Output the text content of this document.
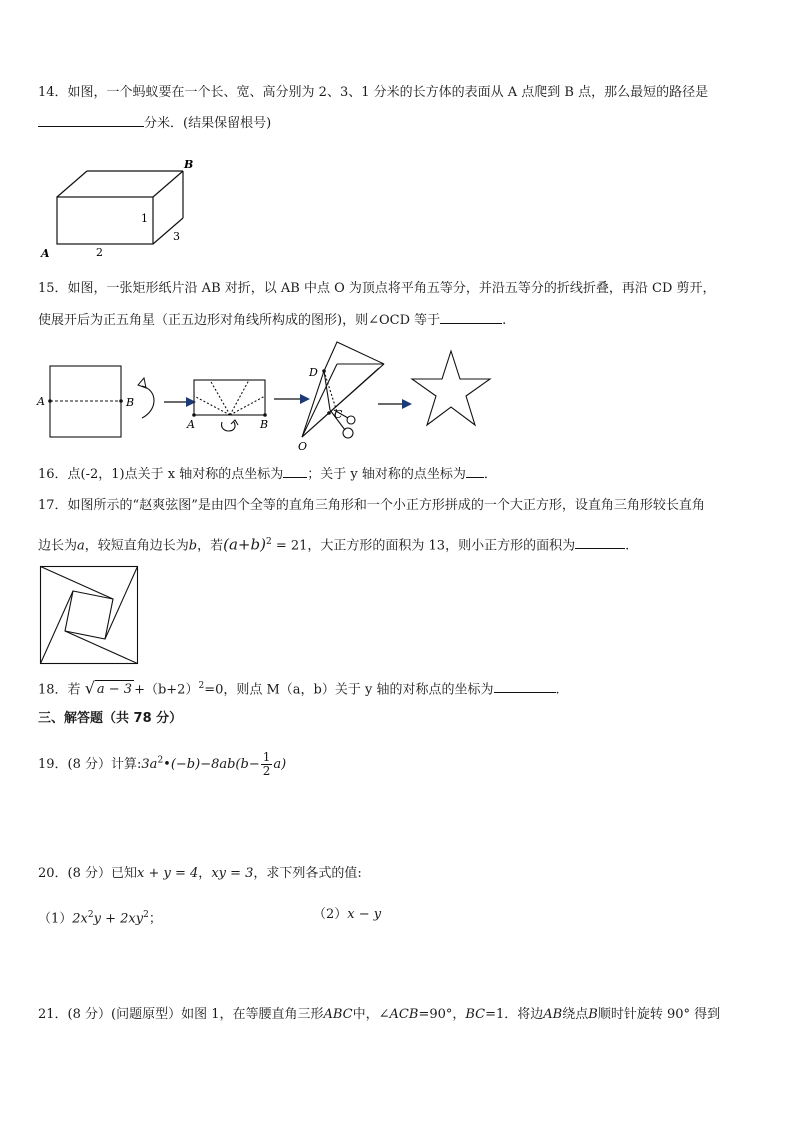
14．如图，一个蚂蚁要在一个长、宽、高分别为 2、3、1 分米的长方体的表面从 A 点爬到 B 点，那么最短的路径是
分米．(结果保留根号)
B
A
1
2
3
15．如图，一张矩形纸片沿 AB 对折，以 AB 中点 O 为顶点将平角五等分，并沿五等分的折线折叠，再沿 CD 剪开，
使展开后为正五角星（正五边形对角线所构成的图形)，则∠OCD 等于	.
A	B
A	B
D
C
O
16．点(-2，1)点关于 x 轴对称的点坐标为 ；关于 y 轴对称的点坐标为 ．
17．如图所示的“赵爽弦图”是由四个全等的直角三角形和一个小正方形拼成的一个大正方形，设直角三角形较长直角
边长为a，较短直角边长为b，若$(a+b)^2 = 21$，大正方形的面积为 13，则小正方形的面积为	.
18．若 √ $a - 3 +(b+2)^2=0$，则点 M（a，b）关于 y 轴的对称点的坐标为	.
三、解答题（共 78 分）
19．(8 分）计算$:3a^2•(-b)-8ab(b- \frac{1}{2} a)$
20．(8 分）已知x + y = 4，xy = 3，求下列各式的值:
$(1)2x^2y + 2xy^2$；	（2）x − y
21．(8 分）(问题原型）如图 1，在等腰直角三形ABC中，∠ACB=90°，BC=1．将边AB绕点B顺时针旋转 90° 得到
